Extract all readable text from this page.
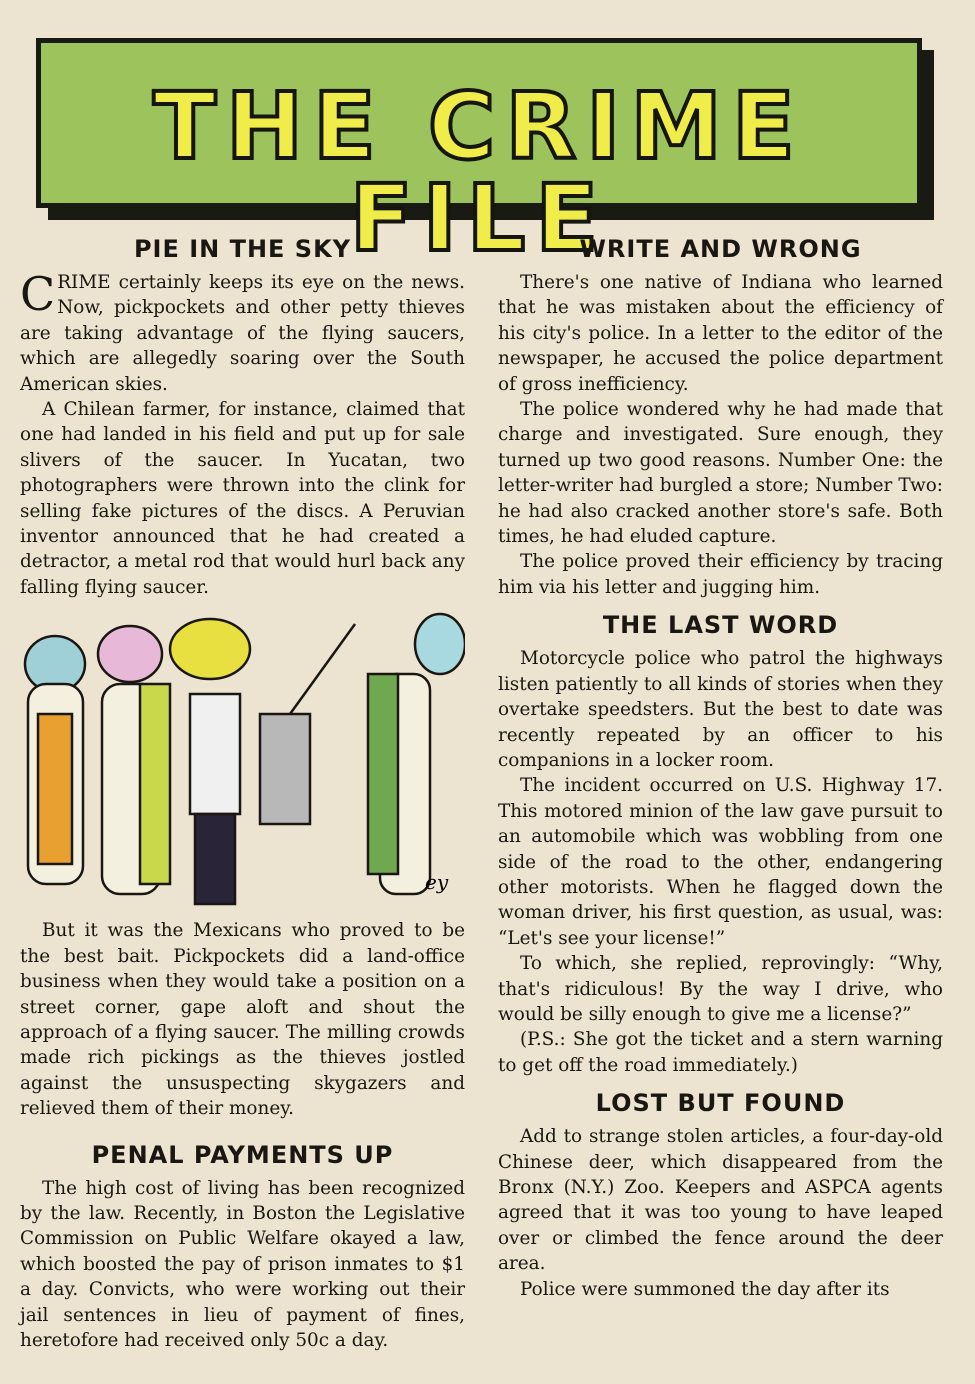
THE CRIME FILE
PIE IN THE SKY

CRIME certainly keeps its eye on the news. Now, pickpockets and other petty thieves are taking advantage of the flying saucers, which are allegedly soaring over the South American skies.

A Chilean farmer, for instance, claimed that one had landed in his field and put up for sale slivers of the saucer. In Yucatan, two photographers were thrown into the clink for selling fake pictures of the discs. A Peruvian inventor announced that he had created a detractor, a metal rod that would hurl back any falling flying saucer.

ey

But it was the Mexicans who proved to be the best bait. Pickpockets did a land-office business when they would take a position on a street corner, gape aloft and shout the approach of a flying saucer. The milling crowds made rich pickings as the thieves jostled against the unsuspecting skygazers and relieved them of their money.

PENAL PAYMENTS UP

The high cost of living has been recognized by the law. Recently, in Boston the Legislative Commission on Public Welfare okayed a law, which boosted the pay of prison inmates to $1 a day. Convicts, who were working out their jail sentences in lieu of payment of fines, heretofore had received only 50c a day.

WRITE AND WRONG

There's one native of Indiana who learned that he was mistaken about the efficiency of his city's police. In a letter to the editor of the newspaper, he accused the police department of gross inefficiency.

The police wondered why he had made that charge and investigated. Sure enough, they turned up two good reasons. Number One: the letter-writer had burgled a store; Number Two: he had also cracked another store's safe. Both times, he had eluded capture.

The police proved their efficiency by tracing him via his letter and jugging him.

THE LAST WORD

Motorcycle police who patrol the highways listen patiently to all kinds of stories when they overtake speedsters. But the best to date was recently repeated by an officer to his companions in a locker room.

The incident occurred on U.S. Highway 17. This motored minion of the law gave pursuit to an automobile which was wobbling from one side of the road to the other, endangering other motorists. When he flagged down the woman driver, his first question, as usual, was: “Let's see your license!”

To which, she replied, reprovingly: “Why, that's ridiculous! By the way I drive, who would be silly enough to give me a license?”

(P.S.: She got the ticket and a stern warning to get off the road immediately.)

LOST BUT FOUND

Add to strange stolen articles, a four-day-old Chinese deer, which disappeared from the Bronx (N.Y.) Zoo. Keepers and ASPCA agents agreed that it was too young to have leaped over or climbed the fence around the deer area.

Police were summoned the day after its
